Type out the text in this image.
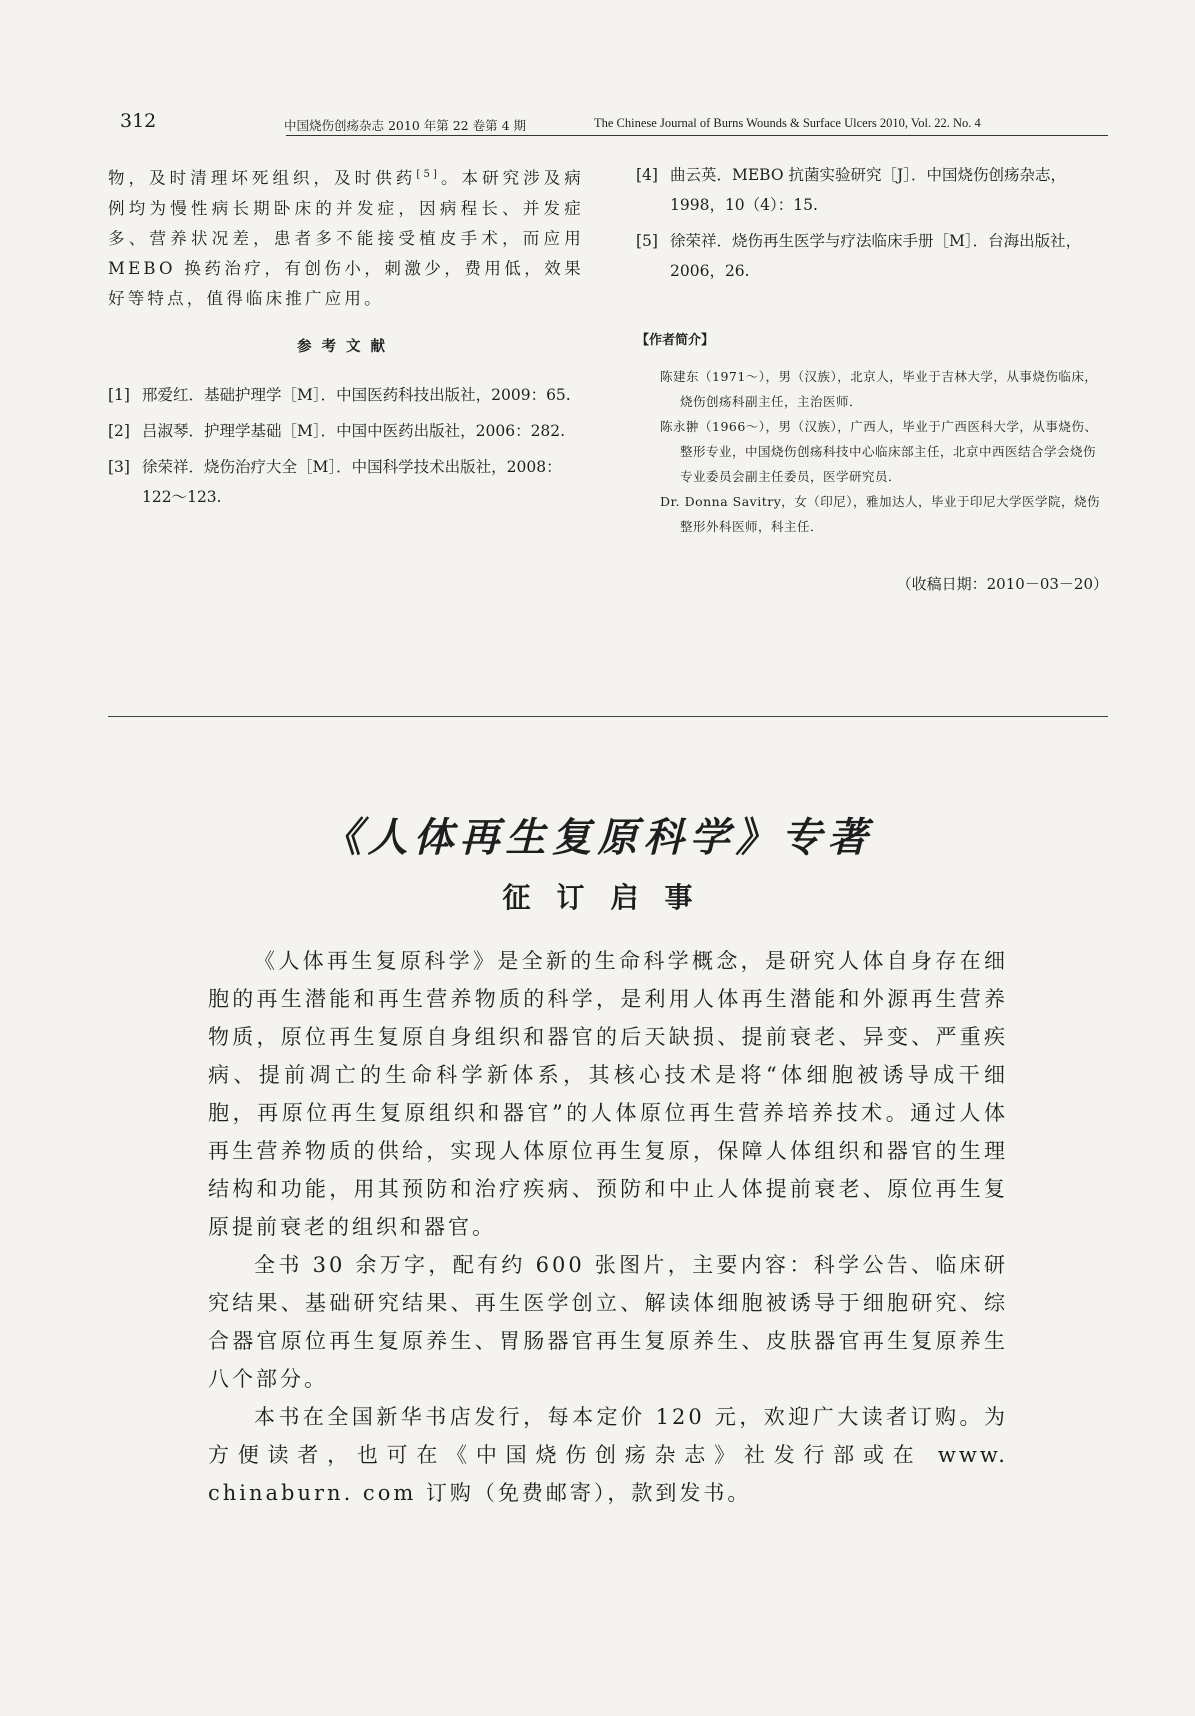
312	中国烧伤创疡杂志 2010 年第 22 卷第 4 期	The Chinese Journal of Burns Wounds & Surface Ulcers 2010, Vol. 22. No. 4
物，及时清理坏死组织，及时供药[5]。本研究涉及病例均为慢性病长期卧床的并发症，因病程长、并发症多、营养状况差，患者多不能接受植皮手术，而应用 MEBO 换药治疗，有创伤小，刺激少，费用低，效果好等特点，值得临床推广应用。
参考文献
[1] 邢爱红．基础护理学［M］．中国医药科技出版社，2009：65.
[2] 吕淑琴．护理学基础［M］．中国中医药出版社，2006：282.
[3] 徐荣祥．烧伤治疗大全［M］．中国科学技术出版社，2008：122～123.
[4] 曲云英．MEBO 抗菌实验研究［J］．中国烧伤创疡杂志，1998，10（4）：15.
[5] 徐荣祥．烧伤再生医学与疗法临床手册［M］．台海出版社，2006，26.
【作者简介】
陈建东（1971～），男（汉族），北京人，毕业于吉林大学，从事烧伤临床，烧伤创疡科副主任，主治医师．
陈永翀（1966～），男（汉族），广西人，毕业于广西医科大学，从事烧伤、整形专业，中国烧伤创疡科技中心临床部主任，北京中西医结合学会烧伤专业委员会副主任委员，医学研究员．
Dr. Donna Savitry，女（印尼），雅加达人，毕业于印尼大学医学院，烧伤整形外科医师，科主任．
（收稿日期：2010－03－20）
《人体再生复原科学》专著
征订启事

《人体再生复原科学》是全新的生命科学概念，是研究人体自身存在细胞的再生潜能和再生营养物质的科学，是利用人体再生潜能和外源再生营养物质，原位再生复原自身组织和器官的后天缺损、提前衰老、异变、严重疾病、提前凋亡的生命科学新体系，其核心技术是将“体细胞被诱导成干细胞，再原位再生复原组织和器官”的人体原位再生营养培养技术。通过人体再生营养物质的供给，实现人体原位再生复原，保障人体组织和器官的生理结构和功能，用其预防和治疗疾病、预防和中止人体提前衰老、原位再生复原提前衰老的组织和器官。

全书 30 余万字，配有约 600 张图片，主要内容：科学公告、临床研究结果、基础研究结果、再生医学创立、解读体细胞被诱导于细胞研究、综合器官原位再生复原养生、胃肠器官再生复原养生、皮肤器官再生复原养生八个部分。

本书在全国新华书店发行，每本定价 120 元，欢迎广大读者订购。为方便读者，也可在《中国烧伤创疡杂志》社发行部或在 www. chinaburn. com 订购（免费邮寄），款到发书。
